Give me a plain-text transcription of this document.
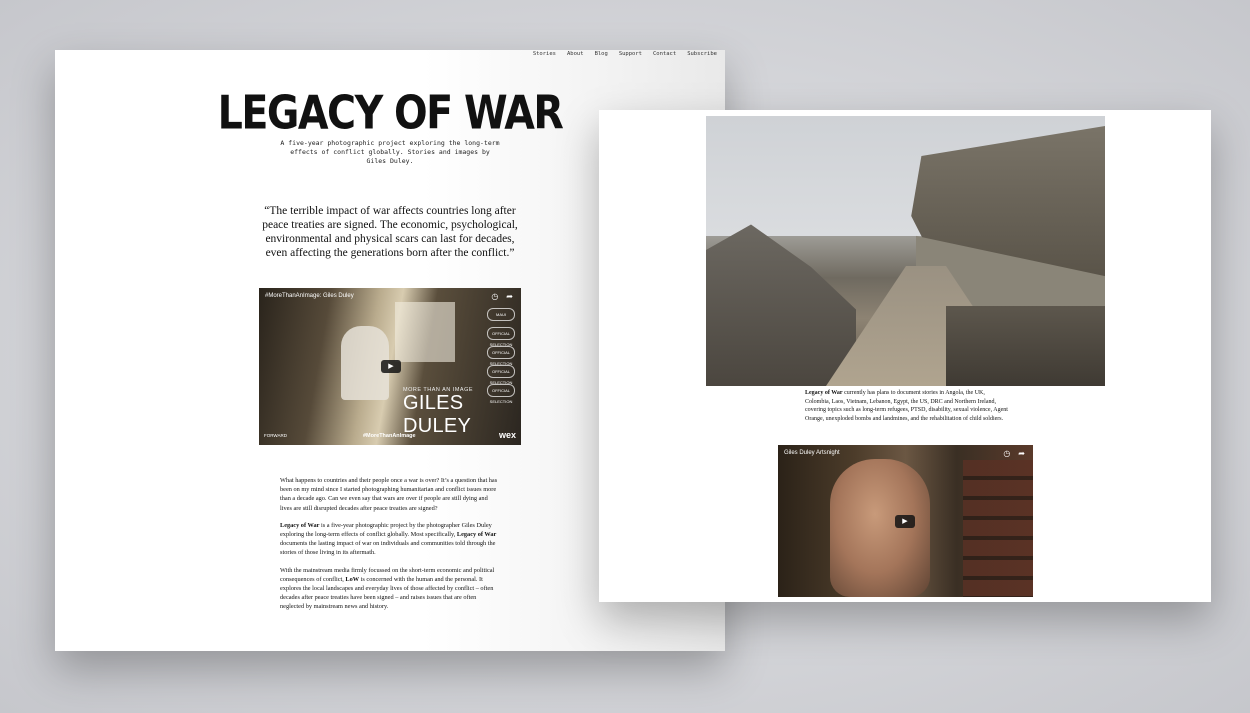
Stories About Blog Support Contact Subscribe
LEGACY OF WAR
A five-year photographic project exploring the long-term effects of conflict globally. Stories and images by Giles Duley.
“The terrible impact of war affects countries long after peace treaties are signed. The economic, psychological, environmental and physical scars can last for decades, even affecting the generations born after the conflict.”
#MoreThanAnImage: Giles Duley	◷ ➦
MAUI
OFFICIAL SELECTION
OFFICIAL SELECTION
OFFICIAL SELECTION
OFFICIAL SELECTION
▶
MORE THAN AN IMAGE
GILES DULEY
FORWARD	#MoreThanAnImage	wex

What happens to countries and their people once a war is over? It’s a question that has been on my mind since I started photographing humanitarian and conflict issues more than a decade ago. Can we even say that wars are over if people are still dying and lives are still disrupted decades after peace treaties are signed?

Legacy of War is a five-year photographic project by the photographer Giles Duley exploring the long-term effects of conflict globally. Most specifically, Legacy of War documents the lasting impact of war on individuals and communities told through the stories of those living in its aftermath.

With the mainstream media firmly focussed on the short-term economic and political consequences of conflict, LoW is concerned with the human and the personal. It explores the local landscapes and everyday lives of those affected by conflict – often decades after peace treaties have been signed – and raises issues that are often neglected by mainstream news and history.

Legacy of War currently has plans to document stories in Angola, the UK, Colombia, Laos, Vietnam, Lebanon, Egypt, the US, DRC and Northern Ireland, covering topics such as long-term refugees, PTSD, disability, sexual violence, Agent Orange, unexploded bombs and landmines, and the rehabilitation of child soldiers.
Giles Duley Artsnight	◷ ➦
▶
